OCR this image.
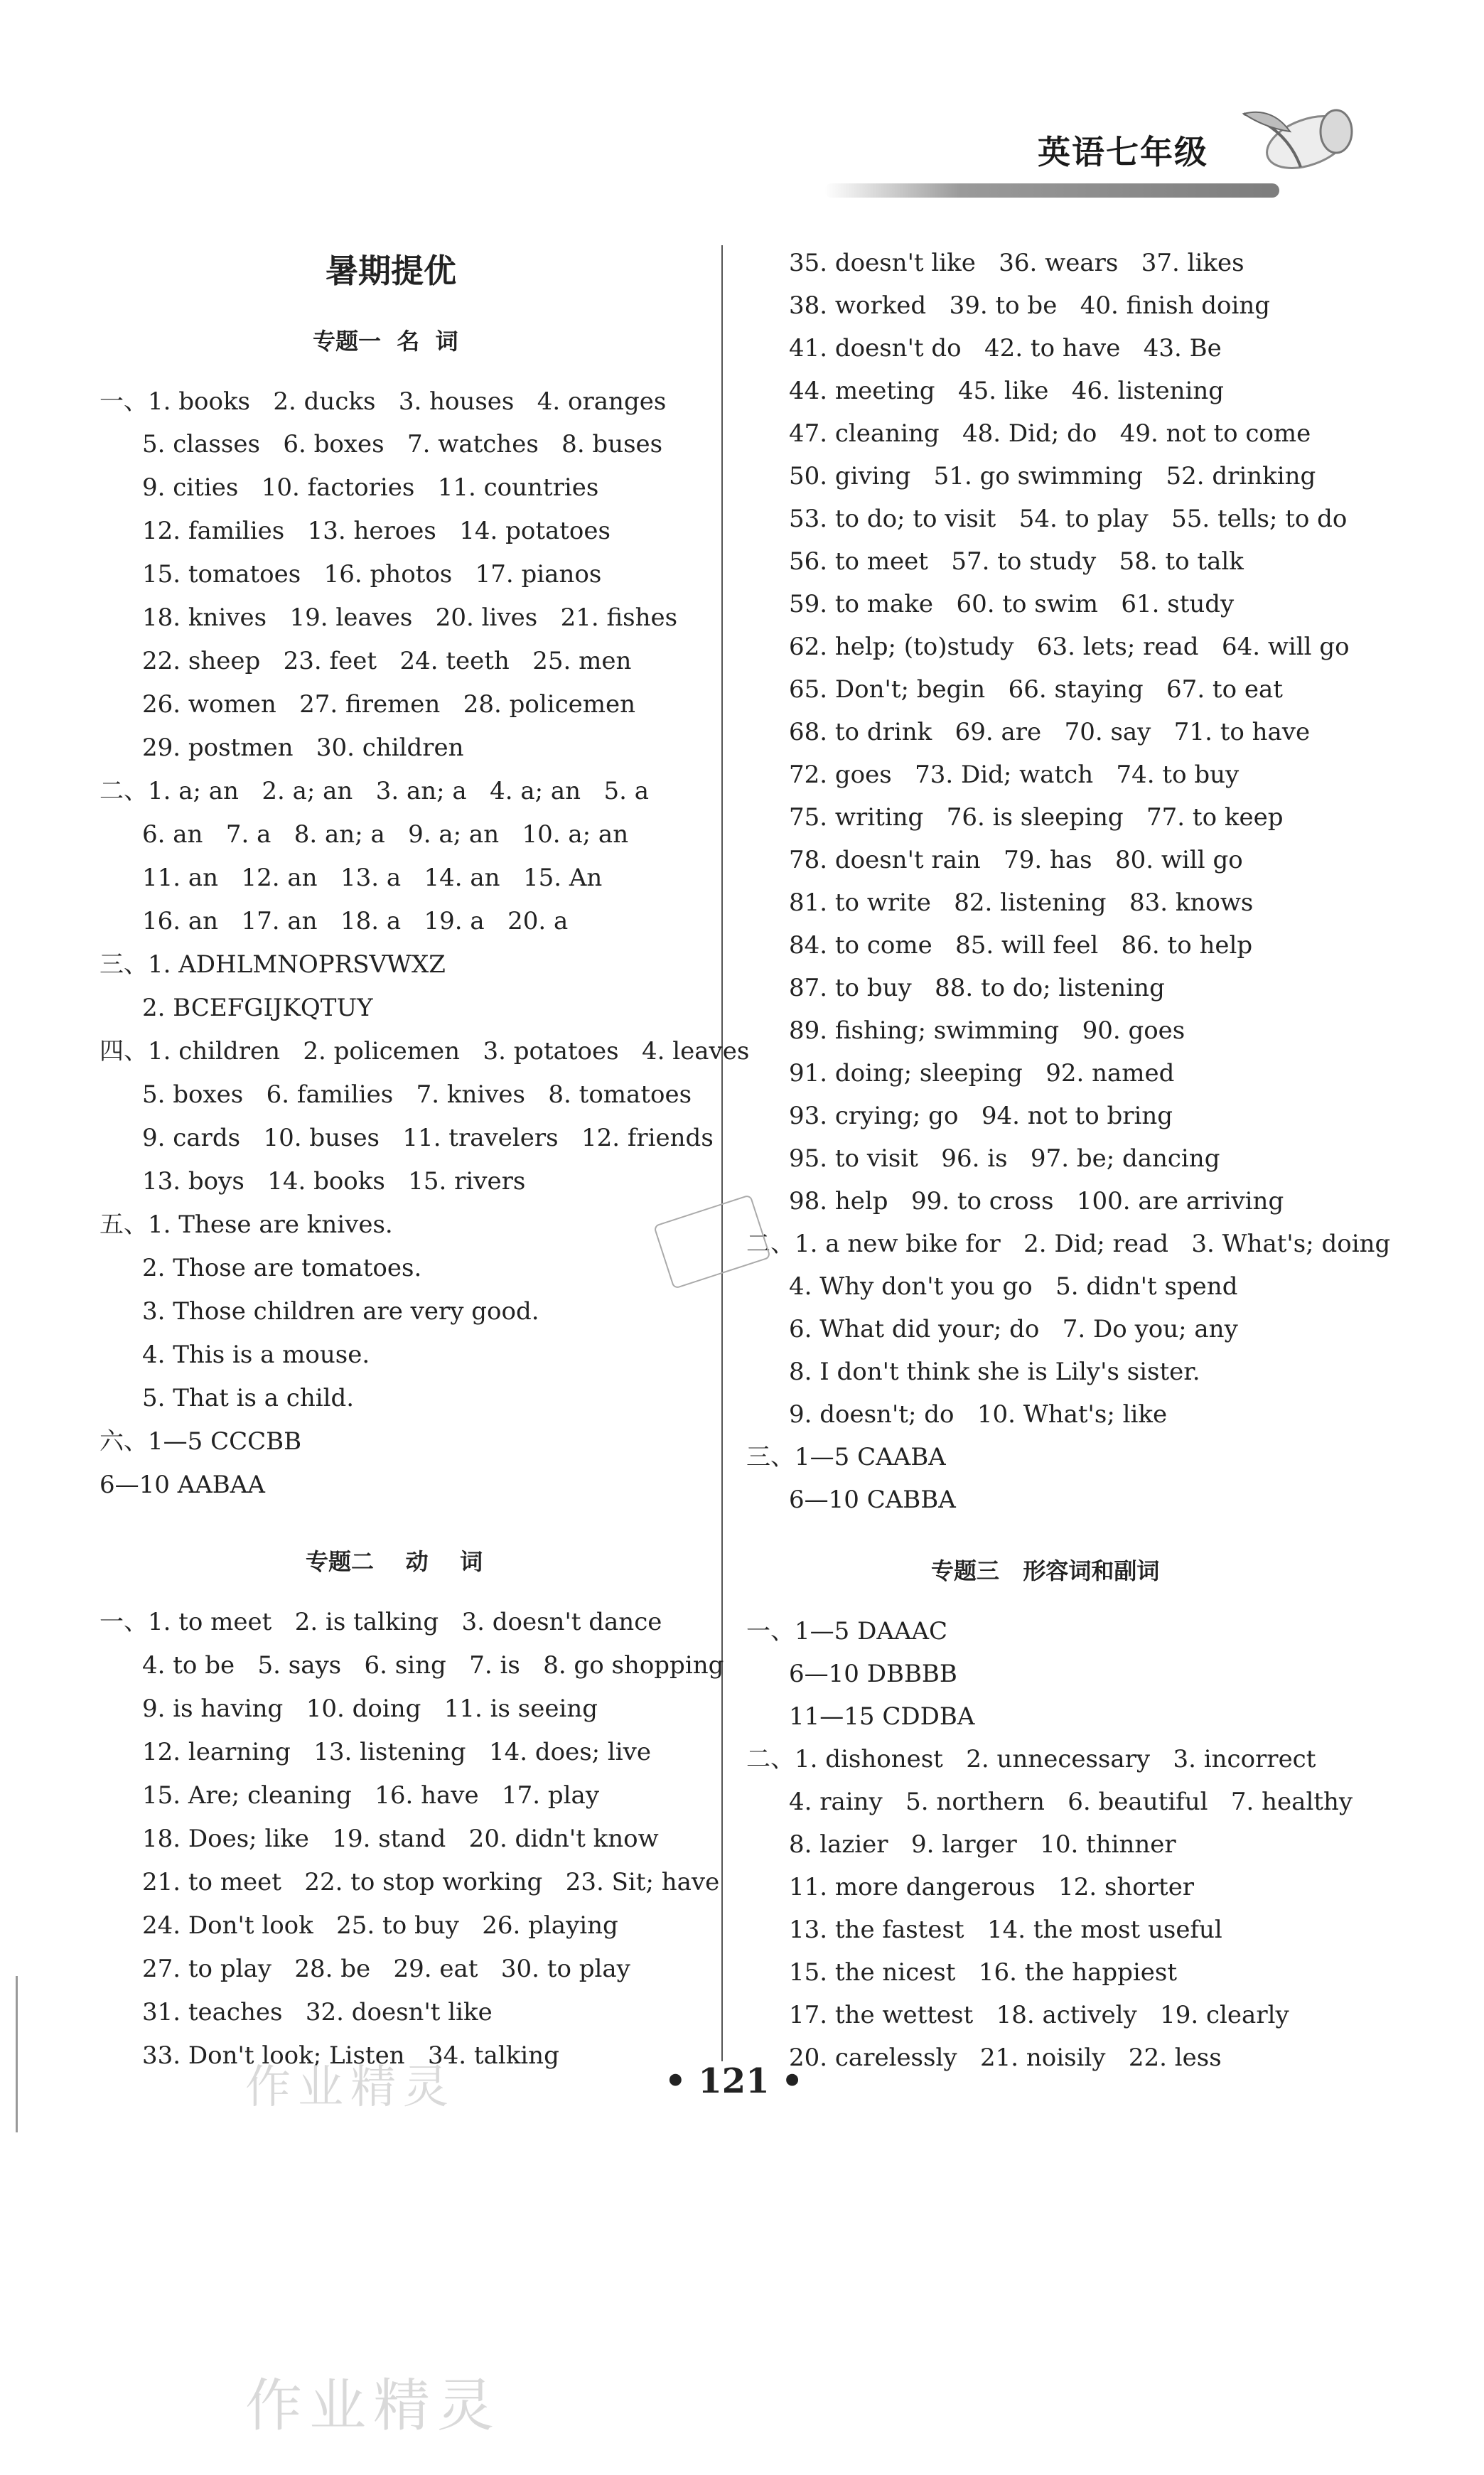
英语七年级
暑期提优
专题一  名  词
一、1. books   2. ducks   3. houses   4. oranges
5. classes   6. boxes   7. watches   8. buses
9. cities   10. factories   11. countries
12. families   13. heroes   14. potatoes
15. tomatoes   16. photos   17. pianos
18. knives   19. leaves   20. lives   21. fishes
22. sheep   23. feet   24. teeth   25. men
26. women   27. firemen   28. policemen
29. postmen   30. children
二、1. a; an   2. a; an   3. an; a   4. a; an   5. a
6. an   7. a   8. an; a   9. a; an   10. a; an
11. an   12. an   13. a   14. an   15. An
16. an   17. an   18. a   19. a   20. a
三、1. ADHLMNOPRSVWXZ
2. BCEFGIJKQTUY
四、1. children   2. policemen   3. potatoes   4. leaves
5. boxes   6. families   7. knives   8. tomatoes
9. cards   10. buses   11. travelers   12. friends
13. boys   14. books   15. rivers
五、1. These are knives.
2. Those are tomatoes.
3. Those children are very good.
4. This is a mouse.
5. That is a child.
六、1—5 CCCBB
6—10 AABAA
专题二    动    词
一、1. to meet   2. is talking   3. doesn't dance
4. to be   5. says   6. sing   7. is   8. go shopping
9. is having   10. doing   11. is seeing
12. learning   13. listening   14. does; live
15. Are; cleaning   16. have   17. play
18. Does; like   19. stand   20. didn't know
21. to meet   22. to stop working   23. Sit; have
24. Don't look   25. to buy   26. playing
27. to play   28. be   29. eat   30. to play
31. teaches   32. doesn't like
33. Don't look; Listen   34. talking
35. doesn't like   36. wears   37. likes
38. worked   39. to be   40. finish doing
41. doesn't do   42. to have   43. Be
44. meeting   45. like   46. listening
47. cleaning   48. Did; do   49. not to come
50. giving   51. go swimming   52. drinking
53. to do; to visit   54. to play   55. tells; to do
56. to meet   57. to study   58. to talk
59. to make   60. to swim   61. study
62. help; (to)study   63. lets; read   64. will go
65. Don't; begin   66. staying   67. to eat
68. to drink   69. are   70. say   71. to have
72. goes   73. Did; watch   74. to buy
75. writing   76. is sleeping   77. to keep
78. doesn't rain   79. has   80. will go
81. to write   82. listening   83. knows
84. to come   85. will feel   86. to help
87. to buy   88. to do; listening
89. fishing; swimming   90. goes
91. doing; sleeping   92. named
93. crying; go   94. not to bring
95. to visit   96. is   97. be; dancing
98. help   99. to cross   100. are arriving
二、1. a new bike for   2. Did; read   3. What's; doing
4. Why don't you go   5. didn't spend
6. What did your; do   7. Do you; any
8. I don't think she is Lily's sister.
9. doesn't; do   10. What's; like
三、1—5 CAABA
6—10 CABBA
专题三   形容词和副词
一、1—5 DAAAC
6—10 DBBBB
11—15 CDDBA
二、1. dishonest   2. unnecessary   3. incorrect
4. rainy   5. northern   6. beautiful   7. healthy
8. lazier   9. larger   10. thinner
11. more dangerous   12. shorter
13. the fastest   14. the most useful
15. the nicest   16. the happiest
17. the wettest   18. actively   19. clearly
20. carelessly   21. noisily   22. less
作业精灵
作业精灵
• 121 •
